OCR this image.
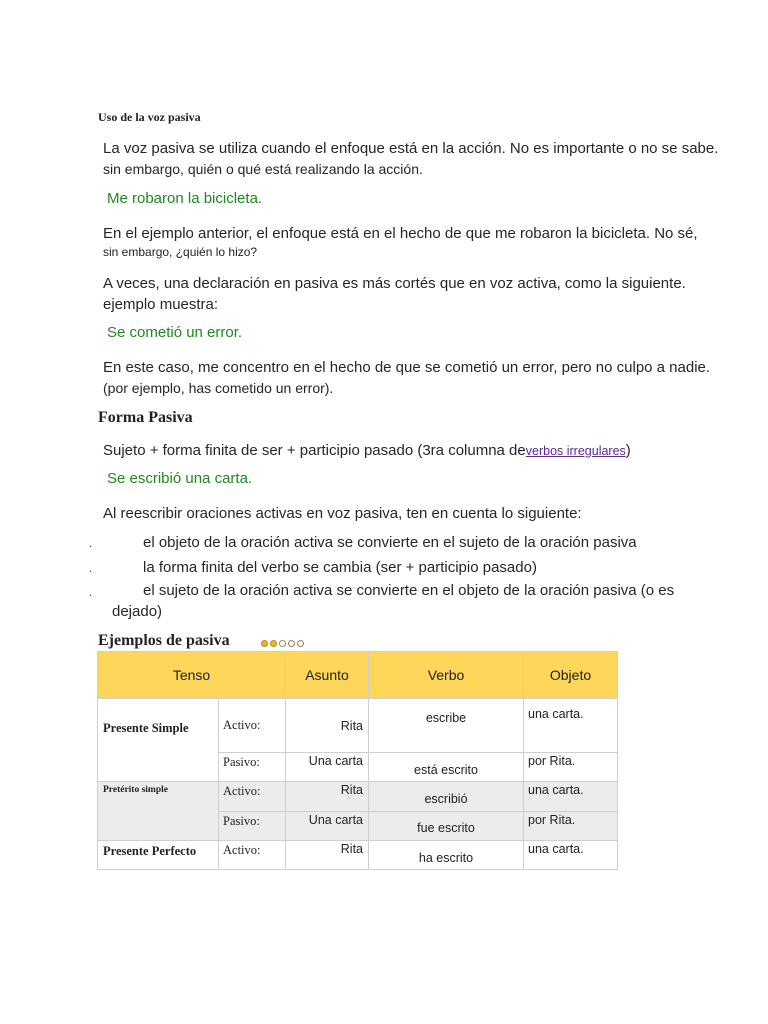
Uso de la voz pasiva
La voz pasiva se utiliza cuando el enfoque está en la acción. No es importante o no se sabe.
sin embargo, quién o qué está realizando la acción.
Me robaron la bicicleta.
En el ejemplo anterior, el enfoque está en el hecho de que me robaron la bicicleta. No sé,
sin embargo, ¿quién lo hizo?
A veces, una declaración en pasiva es más cortés que en voz activa, como la siguiente.
ejemplo muestra:
Se cometió un error.
En este caso, me concentro en el hecho de que se cometió un error, pero no culpo a nadie.
(por ejemplo, has cometido un error).
Forma Pasiva
Sujeto + forma finita de ser + participio pasado (3ra columna deverbos irregulares)
Se escribió una carta.
Al reescribir oraciones activas en voz pasiva, ten en cuenta lo siguiente:
.	el objeto de la oración activa se convierte en el sujeto de la oración pasiva
.	la forma finita del verbo se cambia (ser + participio pasado)
.	el sujeto de la oración activa se convierte en el objeto de la oración pasiva (o es
dejado)
Ejemplos de pasiva
Tenso		Asunto	Verbo	Objeto
Presente Simple	Activo:	Rita	escribe	una carta.
	Pasivo:	Una carta	está escrito	por Rita.
Pretérito simple	Activo:	Rita	escribió	una carta.
	Pasivo:	Una carta	fue escrito	por Rita.
Presente Perfecto	Activo:	Rita	ha escrito	una carta.
